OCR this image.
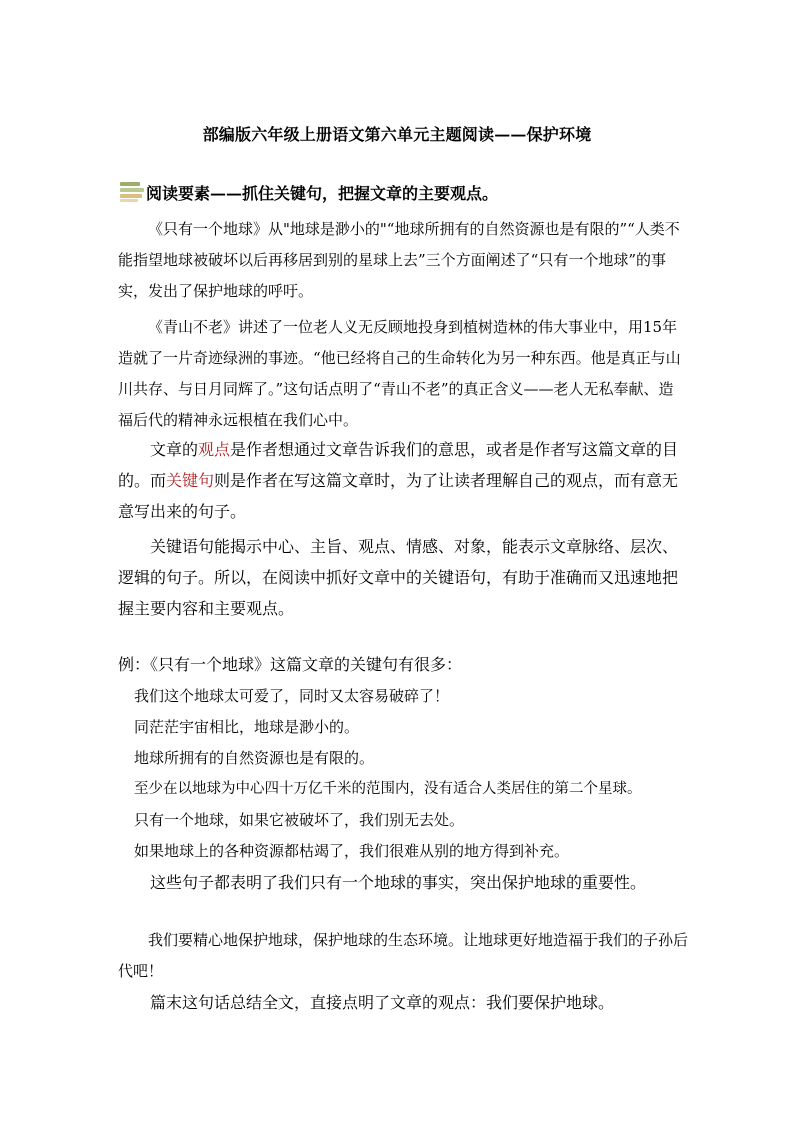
部编版六年级上册语文第六单元主题阅读——保护环境
阅读要素——抓住关键句，把握文章的主要观点。

《只有一个地球》从"地球是渺小的"“地球所拥有的自然资源也是有限的”“人类不能指望地球被破坏以后再移居到别的星球上去”三个方面阐述了“只有一个地球”的事实，发出了保护地球的呼吁。

《青山不老》讲述了一位老人义无反顾地投身到植树造林的伟大事业中，用15年造就了一片奇迹绿洲的事迹。“他已经将自己的生命转化为另一种东西。他是真正与山川共存、与日月同辉了。”这句话点明了“青山不老”的真正含义——老人无私奉献、造福后代的精神永远根植在我们心中。

文章的观点是作者想通过文章告诉我们的意思，或者是作者写这篇文章的目的。而关键句则是作者在写这篇文章时，为了让读者理解自己的观点，而有意无意写出来的句子。

关键语句能揭示中心、主旨、观点、情感、对象，能表示文章脉络、层次、逻辑的句子。所以，在阅读中抓好文章中的关键语句，有助于准确而又迅速地把握主要内容和主要观点。

例：《只有一个地球》这篇文章的关键句有很多：
我们这个地球太可爱了，同时又太容易破碎了！
同茫茫宇宙相比，地球是渺小的。
地球所拥有的自然资源也是有限的。
至少在以地球为中心四十万亿千米的范围内，没有适合人类居住的第二个星球。
只有一个地球，如果它被破坏了，我们别无去处。
如果地球上的各种资源都枯竭了，我们很难从别的地方得到补充。
这些句子都表明了我们只有一个地球的事实，突出保护地球的重要性。

我们要精心地保护地球，保护地球的生态环境。让地球更好地造福于我们的子孙后代吧！

篇末这句话总结全文，直接点明了文章的观点：我们要保护地球。
